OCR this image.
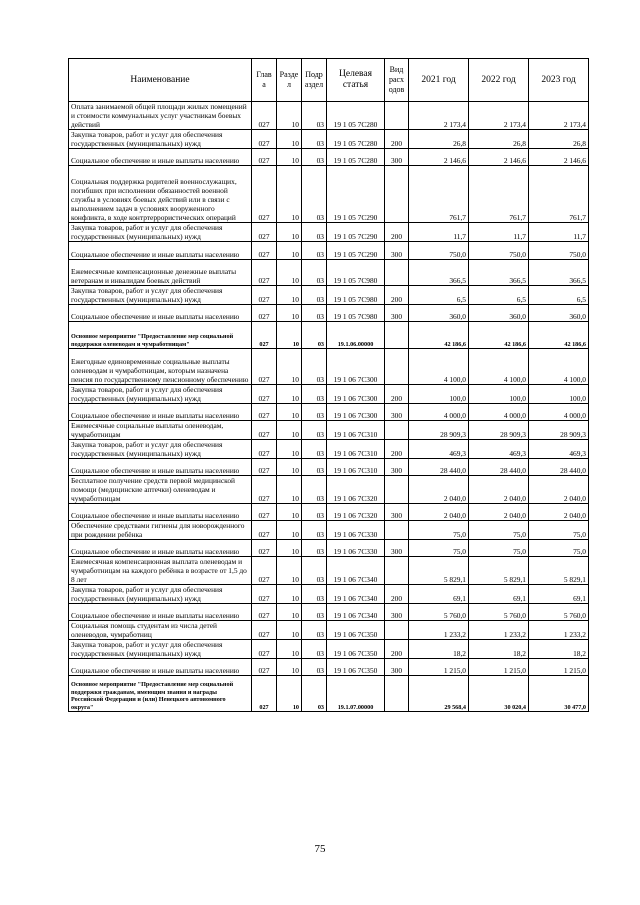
Наименование	Глав а	Разде л	Подр аздел	Целевая статья	Вид расх одов	2021 год	2022 год	2023 год
Оплата занимаемой общей площади жилых помещений и стоимости коммунальных услуг участникам боевых действий	027	10	03	19 1 05 7С280		2 173,4	2 173,4	2 173,4
Закупка товаров, работ и услуг для обеспечения государственных (муниципальных) нужд	027	10	03	19 1 05 7С280	200	26,8	26,8	26,8
Социальное обеспечение и иные выплаты населению	027	10	03	19 1 05 7С280	300	2 146,6	2 146,6	2 146,6
Социальная поддержка родителей военнослужащих, погибших при исполнении обязанностей военной службы в условиях боевых действий или в связи с выполнением задач в условиях вооруженного конфликта, в ходе контртеррористических операций	027	10	03	19 1 05 7С290		761,7	761,7	761,7
Закупка товаров, работ и услуг для обеспечения государственных (муниципальных) нужд	027	10	03	19 1 05 7С290	200	11,7	11,7	11,7
Социальное обеспечение и иные выплаты населению	027	10	03	19 1 05 7С290	300	750,0	750,0	750,0
Ежемесячные компенсационные денежные выплаты ветеранам и инвалидам боевых действий	027	10	03	19 1 05 7С980		366,5	366,5	366,5
Закупка товаров, работ и услуг для обеспечения государственных (муниципальных) нужд	027	10	03	19 1 05 7С980	200	6,5	6,5	6,5
Социальное обеспечение и иные выплаты населению	027	10	03	19 1 05 7С980	300	360,0	360,0	360,0
Основное мероприятие "Предоставление мер социальной поддержки оленеводам и чумработницам"	027	10	03	19.1.06.00000		42 186,6	42 186,6	42 186,6
Ежегодные единовременные социальные выплаты оленеводам и чумработницам, которым назначена пенсия по государственному пенсионному обеспечению	027	10	03	19 1 06 7С300		4 100,0	4 100,0	4 100,0
Закупка товаров, работ и услуг для обеспечения государственных (муниципальных) нужд	027	10	03	19 1 06 7С300	200	100,0	100,0	100,0
Социальное обеспечение и иные выплаты населению	027	10	03	19 1 06 7С300	300	4 000,0	4 000,0	4 000,0
Ежемесячные социальные выплаты оленеводам, чумработницам	027	10	03	19 1 06 7С310		28 909,3	28 909,3	28 909,3
Закупка товаров, работ и услуг для обеспечения государственных (муниципальных) нужд	027	10	03	19 1 06 7С310	200	469,3	469,3	469,3
Социальное обеспечение и иные выплаты населению	027	10	03	19 1 06 7С310	300	28 440,0	28 440,0	28 440,0
Бесплатное получение средств первой медицинской помощи (медицинские аптечки) оленеводам и чумработницам	027	10	03	19 1 06 7С320		2 040,0	2 040,0	2 040,0
Социальное обеспечение и иные выплаты населению	027	10	03	19 1 06 7С320	300	2 040,0	2 040,0	2 040,0
Обеспечение средствами гигиены для новорожденного при рождении ребёнка	027	10	03	19 1 06 7С330		75,0	75,0	75,0
Социальное обеспечение и иные выплаты населению	027	10	03	19 1 06 7С330	300	75,0	75,0	75,0
Ежемесячная компенсационная выплата оленеводам и чумработницам на каждого ребёнка в возрасте от 1,5 до 8 лет	027	10	03	19 1 06 7С340		5 829,1	5 829,1	5 829,1
Закупка товаров, работ и услуг для обеспечения государственных (муниципальных) нужд	027	10	03	19 1 06 7С340	200	69,1	69,1	69,1
Социальное обеспечение и иные выплаты населению	027	10	03	19 1 06 7С340	300	5 760,0	5 760,0	5 760,0
Социальная помощь студентам из числа детей оленеводов, чумработниц	027	10	03	19 1 06 7С350		1 233,2	1 233,2	1 233,2
Закупка товаров, работ и услуг для обеспечения государственных (муниципальных) нужд	027	10	03	19 1 06 7С350	200	18,2	18,2	18,2
Социальное обеспечение и иные выплаты населению	027	10	03	19 1 06 7С350	300	1 215,0	1 215,0	1 215,0
Основное мероприятие "Предоставление мер социальной поддержки гражданам, имеющим звания и награды Российской Федерации и (или) Ненецкого автономного округа"	027	10	03	19.1.07.00000		29 568,4	30 020,4	30 477,0
75
